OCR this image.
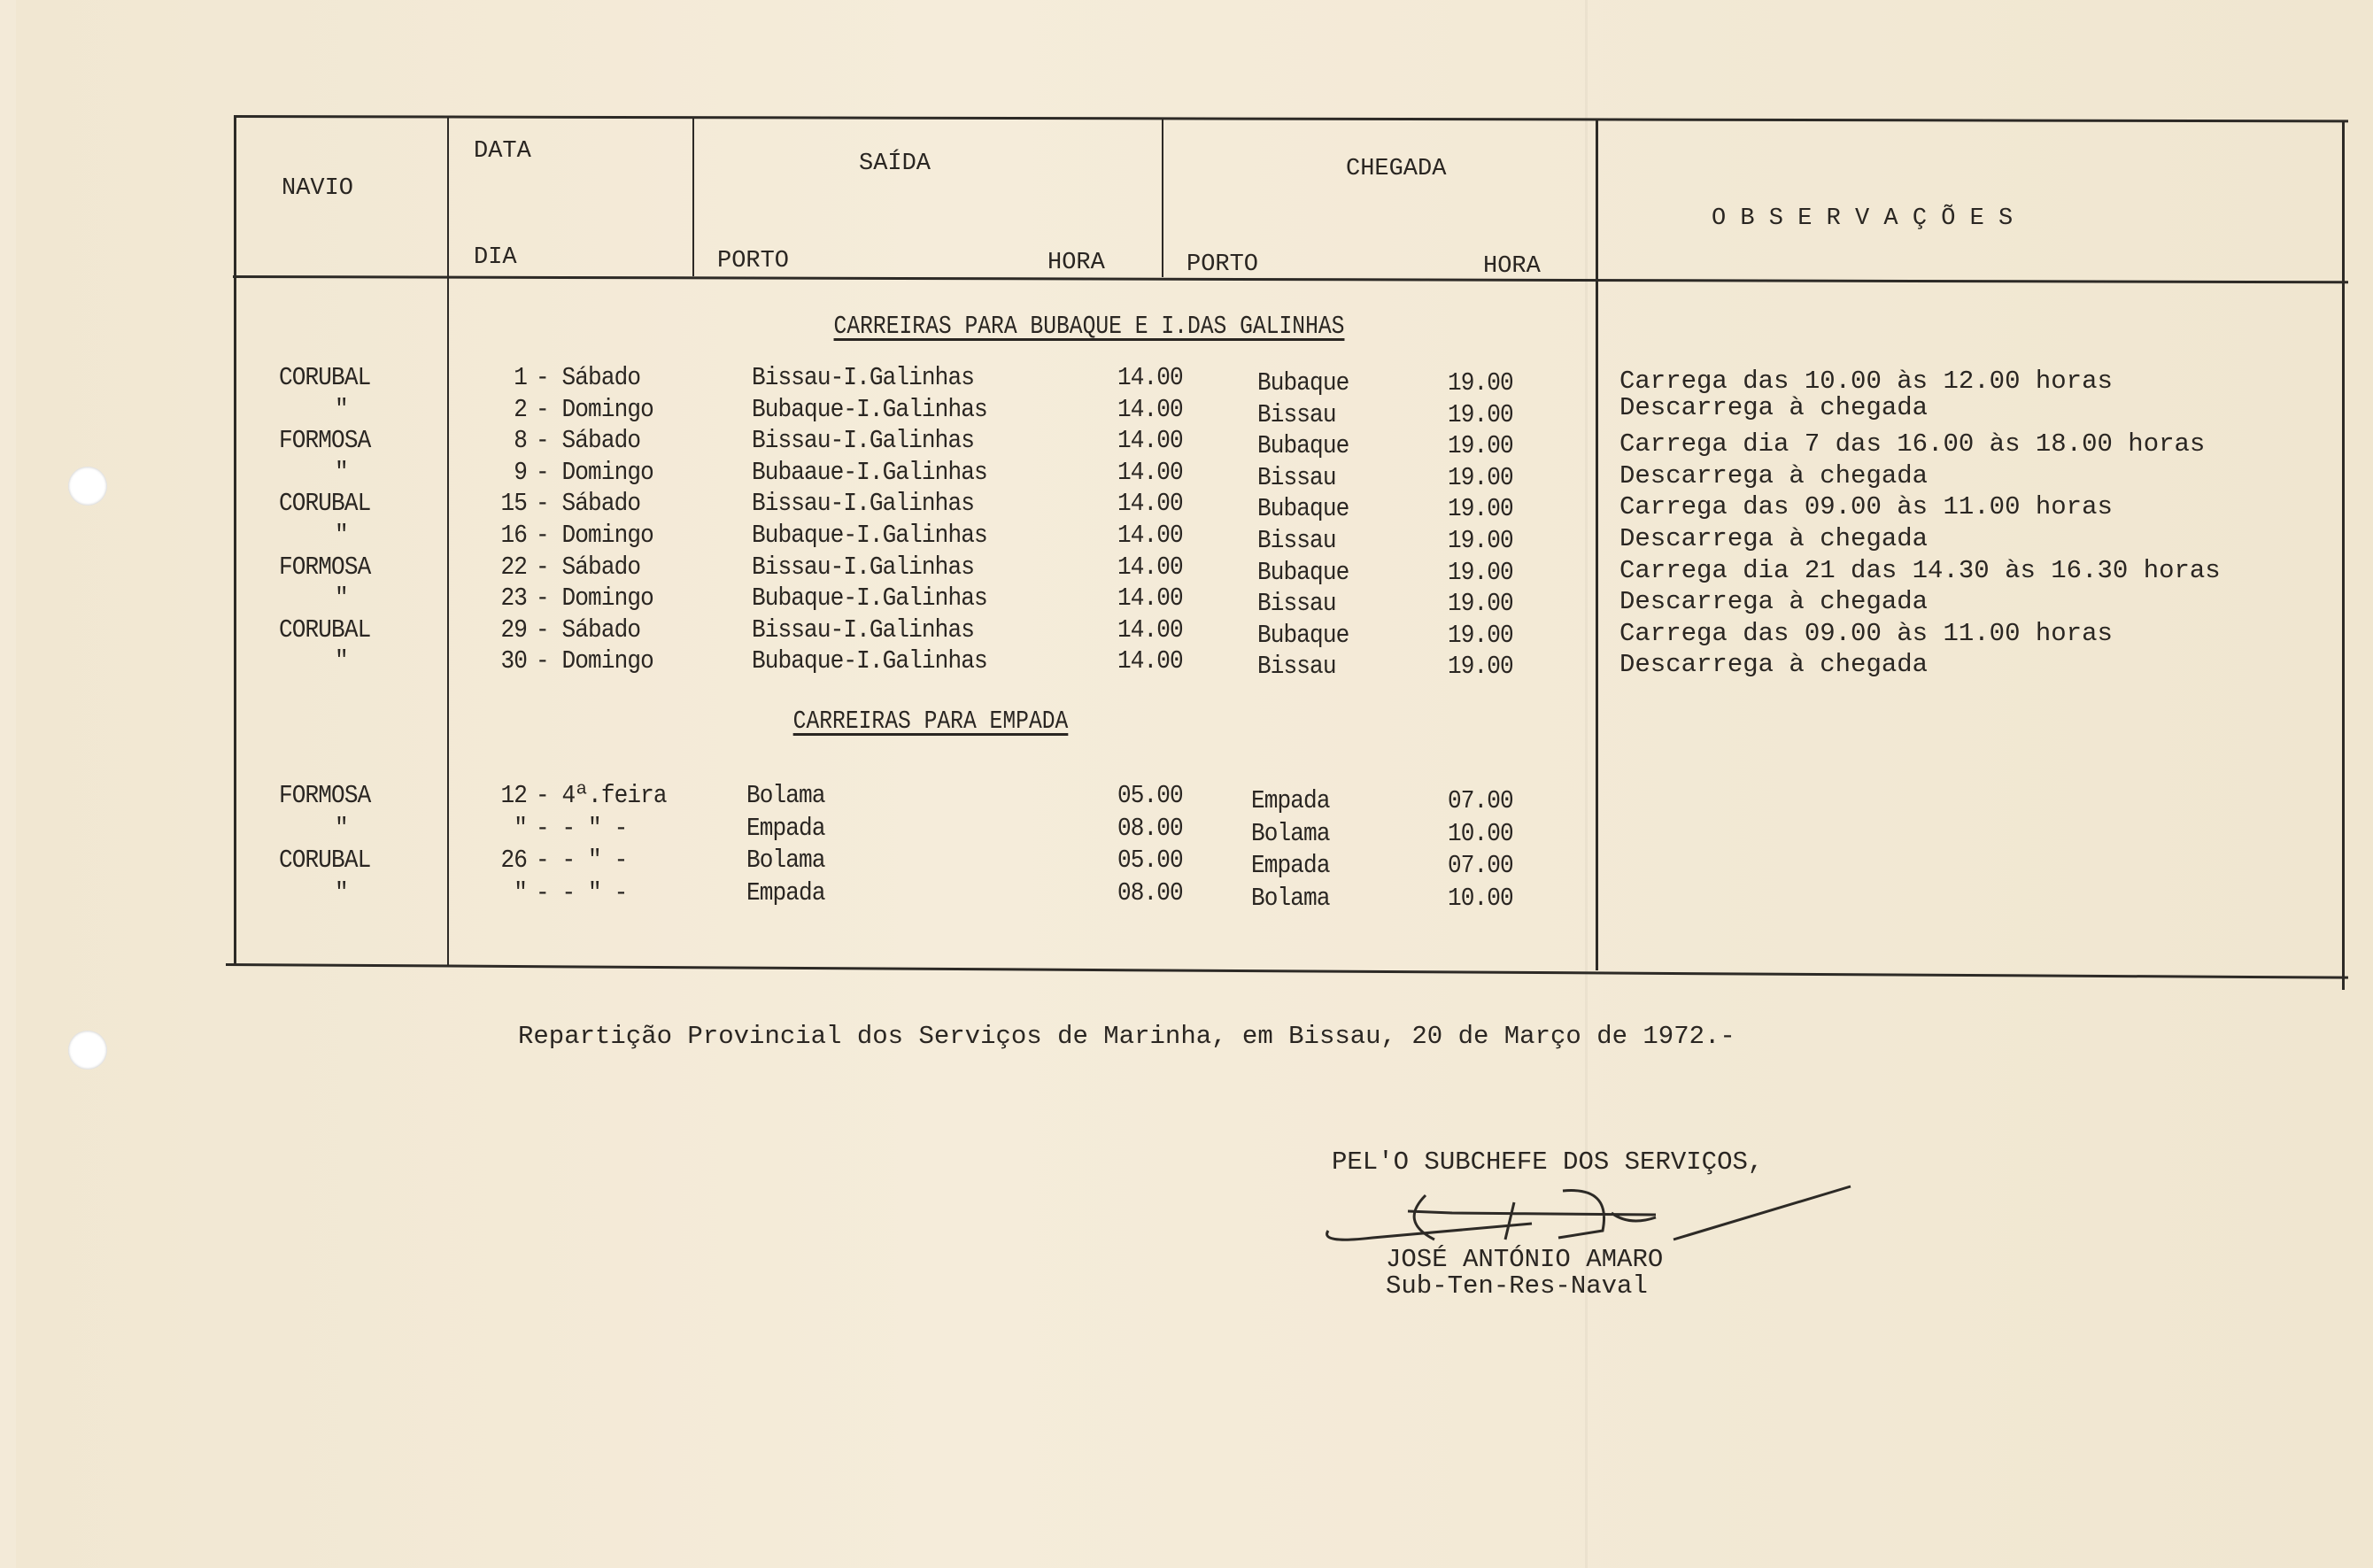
NAVIO
DATA
DIA
SAÍDA
PORTO	HORA
CHEGADA
PORTO	HORA
O B S E R V A Ç Õ E S
CARREIRAS PARA BUBAQUE E I.DAS GALINHAS
CARREIRAS PARA EMPADA
CORUBAL	1 - Sábado	Bissau-I.Galinhas	14.00	Bubaque	19.00	Carrega das 10.00 às 12.00 horas
"	2 - Domingo	Bubaque-I.Galinhas	14.00	Bissau	19.00	Descarrega à chegada
FORMOSA	8 - Sábado	Bissau-I.Galinhas	14.00	Bubaque	19.00	Carrega dia 7 das 16.00 às 18.00 horas
"	9 - Domingo	Bubaaue-I.Galinhas	14.00	Bissau	19.00	Descarrega à chegada
CORUBAL	15 - Sábado	Bissau-I.Galinhas	14.00	Bubaque	19.00	Carrega das 09.00 às 11.00 horas
"	16 - Domingo	Bubaque-I.Galinhas	14.00	Bissau	19.00	Descarrega à chegada
FORMOSA	22 - Sábado	Bissau-I.Galinhas	14.00	Bubaque	19.00	Carrega dia 21 das 14.30 às 16.30 horas
"	23 - Domingo	Bubaque-I.Galinhas	14.00	Bissau	19.00	Descarrega à chegada
CORUBAL	29 - Sábado	Bissau-I.Galinhas	14.00	Bubaque	19.00	Carrega das 09.00 às 11.00 horas
"	30 - Domingo	Bubaque-I.Galinhas	14.00	Bissau	19.00	Descarrega à chegada
FORMOSA	12 - 4ª.feira	Bolama	05.00	Empada	07.00
"	" - - " -	Empada	08.00	Bolama	10.00
CORUBAL	26 - - " -	Bolama	05.00	Empada	07.00
"	" - - " -	Empada	08.00	Bolama	10.00
Repartição Provincial dos Serviços de Marinha, em Bissau, 20 de Março de 1972.-
PEL'O SUBCHEFE DOS SERVIÇOS,
JOSÉ ANTÓNIO AMARO
Sub-Ten-Res-Naval
